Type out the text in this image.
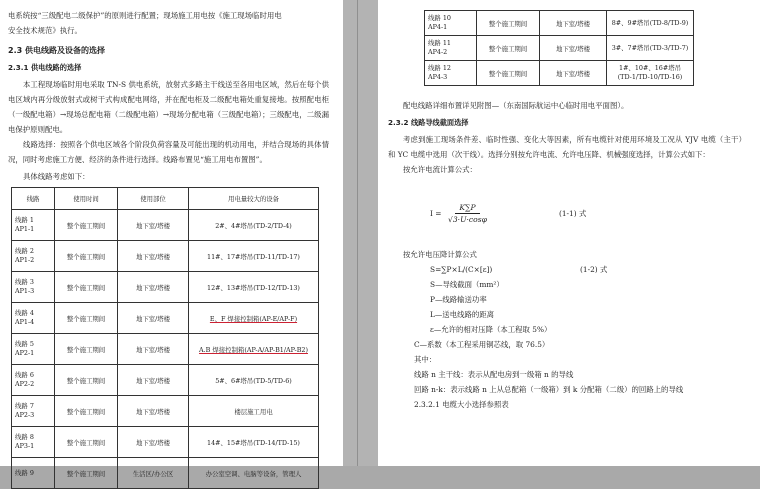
电系统按“三级配电二级保护”的原则进行配置；现场施工用电按《施工现场临时用电

安全技术规范》执行。

2.3 供电线路及设备的选择
2.3.1 供电线路的选择

本工程现场临时用电采取 TN-S 供电系统，放射式多路主干线送至各用电区域，然后在每个供电区域内再分级放射式或树干式构成配电网络，并在配电柜及二级配电箱处重复接地。按照配电柜（一级配电箱）→现场总配电箱（二级配电箱）→现场分配电箱（三级配电箱）；三级配电，二级漏电保护原则配电。

线路选择：按照各个供电区域各个阶段负荷容量及可能出现的机动用电，并结合现场的具体情况，同时考虑施工方便、经济的条件进行选择。线路布置见“施工用电布置图”。

具体线路考虑如下：

线路	使用时间	使用部位	用电量较大的设备

线路 1
AP1-1	整个施工期间	地下室/塔楼	2#、4#塔吊(TD-2/TD-4)

线路 2
AP1-2	整个施工期间	地下室/塔楼	11#、17#塔吊(TD-11/TD-17)

线路 3
AP1-3	整个施工期间	地下室/塔楼	12#、13#塔吊(TD-12/TD-13)

线路 4
AP1-4	整个施工期间	地下室/塔楼	E、F 焊接控制箱(AP-E/AP-F)

线路 5
AP2-1	整个施工期间	地下室/塔楼	A.B 焊接控制箱(AP-A/AP-B1/AP-B2)

线路 6
AP2-2	整个施工期间	地下室/塔楼	5#、6#塔吊(TD-5/TD-6)

线路 7
AP2-3	整个施工期间	地下室/塔楼	楼层施工用电

线路 8
AP3-1	整个施工期间	地下室/塔楼	14#、15#塔吊(TD-14/TD-15)

线路 9	整个施工期间	生活区/办公区	办公室空调、电脑等设备，管理人
线路 10
AP4-1	整个施工期间	地下室/塔楼	8#、9#塔吊(TD-8/TD-9)

线路 11
AP4-2	整个施工期间	地下室/塔楼	3#、7#塔吊(TD-3/TD-7)

线路 12
AP4-3	整个施工期间	地下室/塔楼	1#、10#、16#塔吊
(TD-1/TD-10/TD-16)

配电线路详细布置详见附图—（东南国际航运中心临时用电平面图）。

2.3.2 线路导线截面选择

考虑到施工现场条件差、临时性强、变化大等因素，所有电缆针对使用环境及工况从 YJV 电缆（主干）和 YC 电缆中选用（次干线）。选择分别按允许电流、允许电压降、机械强度选择，计算公式如下：

按允许电流计算公式：

$I = \frac{K\sum P}{√3\cdot U\cdot\cos\varphi}$	(1-1) 式

按允许电压降计算公式

S=∑P×L/(C×[ε])	(1-2) 式

S—导线截面（mm²）

P—线路输送功率

L—送电线路的距离

ε—允许的相对压降（本工程取 5%）

C—系数（本工程采用铜芯线，取 76.5）

其中：

线路 n 主干线：表示从配电房到一级箱 n 的导线

回路 n-k：表示线路 n 上从总配箱（一级箱）到 k 分配箱（二级）的回路上的导线

2.3.2.1 电缆大小选择参照表
